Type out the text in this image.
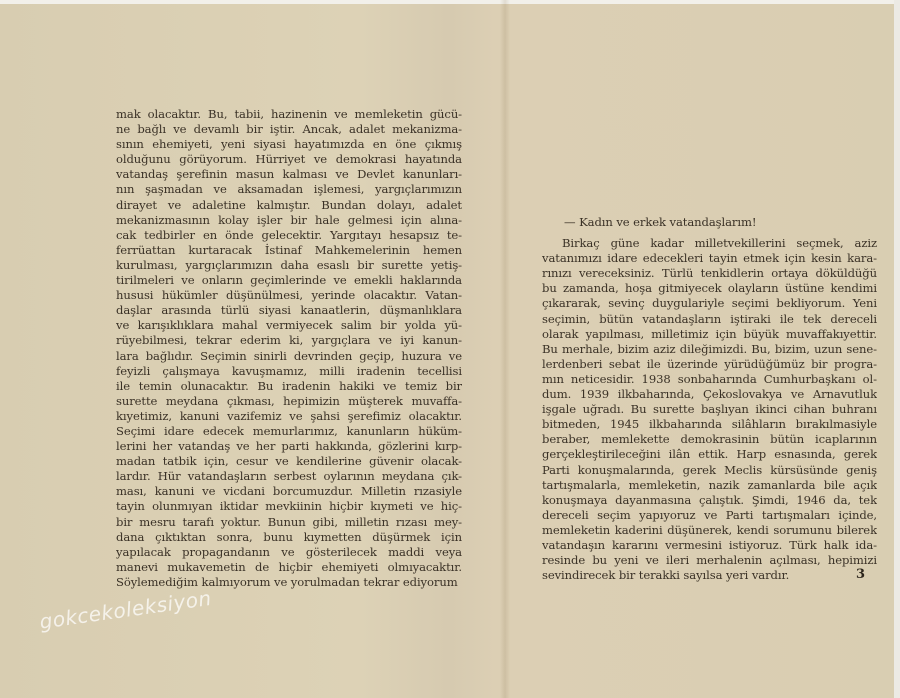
mak olacaktır. Bu, tabii, hazinenin ve memleketin gücü-
ne bağlı ve devamlı bir iştir. Ancak, adalet mekanizma-
sının ehemiyeti, yeni siyasi hayatımızda en öne çıkmış
olduğunu görüyorum. Hürriyet ve demokrasi hayatında
vatandaş şerefinin masun kalması ve Devlet kanunları-
nın şaşmadan ve aksamadan işlemesi, yargıçlarımızın
dirayet ve adaletine kalmıştır. Bundan dolayı, adalet
mekanizmasının kolay işler bir hale gelmesi için alına-
cak tedbirler en önde gelecektir. Yargıtayı hesapsız te-
ferrüattan kurtaracak İstinaf Mahkemelerinin hemen
kurulması, yargıçlarımızın daha esaslı bir surette yetiş-
tirilmeleri ve onların geçimlerinde ve emekli haklarında
hususi hükümler düşünülmesi, yerinde olacaktır. Vatan-
daşlar arasında türlü siyasi kanaatlerin, düşmanlıklara
ve karışıklıklara mahal vermiyecek salim bir yolda yü-
rüyebilmesi, tekrar ederim ki, yargıçlara ve iyi kanun-
lara bağlıdır. Seçimin sinirli devrinden geçip, huzura ve
feyizli çalışmaya kavuşmamız, milli iradenin tecellisi
ile temin olunacaktır. Bu iradenin hakiki ve temiz bir
surette meydana çıkması, hepimizin müşterek muvaffa-
kıyetimiz, kanuni vazifemiz ve şahsi şerefimiz olacaktır.
Seçimi idare edecek memurlarımız, kanunların hüküm-
lerini her vatandaş ve her parti hakkında, gözlerini kırp-
madan tatbik için, cesur ve kendilerine güvenir olacak-
lardır. Hür vatandaşların serbest oylarının meydana çık-
ması, kanuni ve vicdani borcumuzdur. Milletin rızasiyle
tayin olunmıyan iktidar mevkiinin hiçbir kıymeti ve hiç-
bir mesru tarafı yoktur. Bunun gibi, milletin rızası mey-
dana çıktıktan sonra, bunu kıymetten düşürmek için
yapılacak propagandanın ve gösterilecek maddi veya
manevi mukavemetin de hiçbir ehemiyeti olmıyacaktır.
Söylemediğim kalmıyorum ve yorulmadan tekrar ediyorum
— Kadın ve erkek vatandaşlarım!
Birkaç güne kadar milletvekillerini seçmek, aziz
vatanımızı idare edecekleri tayin etmek için kesin kara-
rınızı vereceksiniz. Türlü tenkidlerin ortaya döküldüğü
bu zamanda, hoşa gitmiyecek olayların üstüne kendimi
çıkararak, sevinç duygulariyle seçimi bekliyorum. Yeni
seçimin, bütün vatandaşların iştiraki ile tek dereceli
olarak yapılması, milletimiz için büyük muvaffakıyettir.
Bu merhale, bizim aziz dileğimizdi. Bu, bizim, uzun sene-
lerdenberi sebat ile üzerinde yürüdüğümüz bir progra-
mın neticesidir. 1938 sonbaharında Cumhurbaşkanı ol-
dum. 1939 ilkbaharında, Çekoslovakya ve Arnavutluk
işgale uğradı. Bu surette başlıyan ikinci cihan buhranı
bitmeden, 1945 ilkbaharında silâhların bırakılmasiyle
beraber, memlekette demokrasinin bütün icaplarının
gerçekleştirileceğini ilân ettik. Harp esnasında, gerek
Parti konuşmalarında, gerek Meclis kürsüsünde geniş
tartışmalarla, memleketin, nazik zamanlarda bile açık
konuşmaya dayanmasına çalıştık. Şimdi, 1946 da, tek
dereceli seçim yapıyoruz ve Parti tartışmaları içinde,
memleketin kaderini düşünerek, kendi sorumunu bilerek
vatandaşın kararını vermesini istiyoruz. Türk halk ida-
resinde bu yeni ve ileri merhalenin açılması, hepimizi
sevindirecek bir terakki sayılsa yeri vardır.	3
gokcekoleksiyon
